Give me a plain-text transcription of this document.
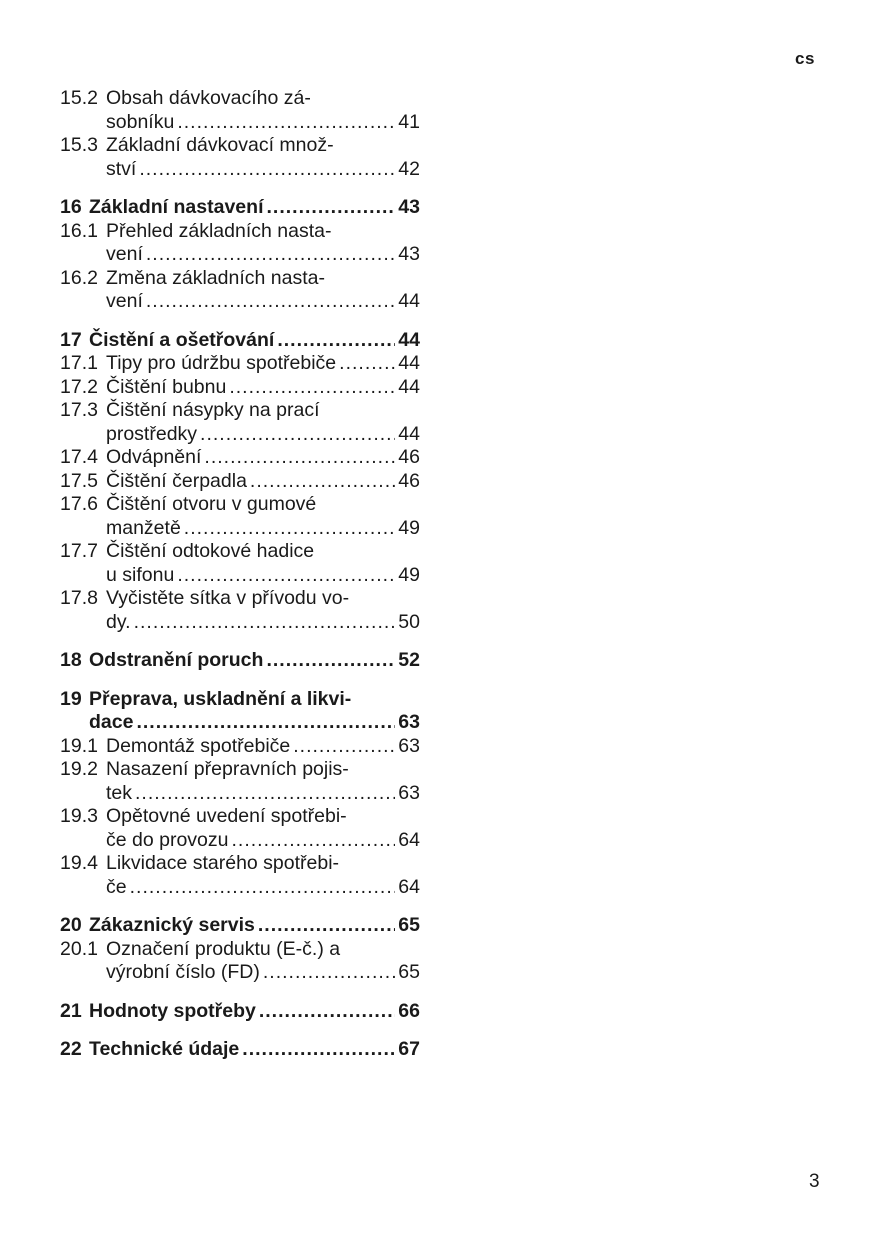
cs
15.2 Obsah dávkovacího zá-
sobníku .....	41
15.3 Základní dávkovací množ-
ství .....	42
16 Základní nastavení .....	43
16.1 Přehled základních nasta-
vení .....	43
16.2 Změna základních nasta-
vení .....	44
17 Čistění a ošetřování .....	44
17.1 Tipy pro údržbu spotřebiče .....	44
17.2 Čištění bubnu .....	44
17.3 Čištění násypky na prací
prostředky .....	44
17.4 Odvápnění .....	46
17.5 Čištění čerpadla .....	46
17.6 Čištění otvoru v gumové
manžetě .....	49
17.7 Čištění odtokové hadice
u sifonu .....	49
17.8 Vyčistěte sítka v přívodu vo-
dy. .....	50
18 Odstranění poruch .....	52
19 Přeprava, uskladnění a likvi-
dace .....	63
19.1 Demontáž spotřebiče .....	63
19.2 Nasazení přepravních pojis-
tek .....	63
19.3 Opětovné uvedení spotřebi-
če do provozu .....	64
19.4 Likvidace starého spotřebi-
če .....	64
20 Zákaznický servis .....	65
20.1 Označení produktu (E-č.) a
výrobní číslo (FD) .....	65
21 Hodnoty spotřeby .....	66
22 Technické údaje .....	67
3
